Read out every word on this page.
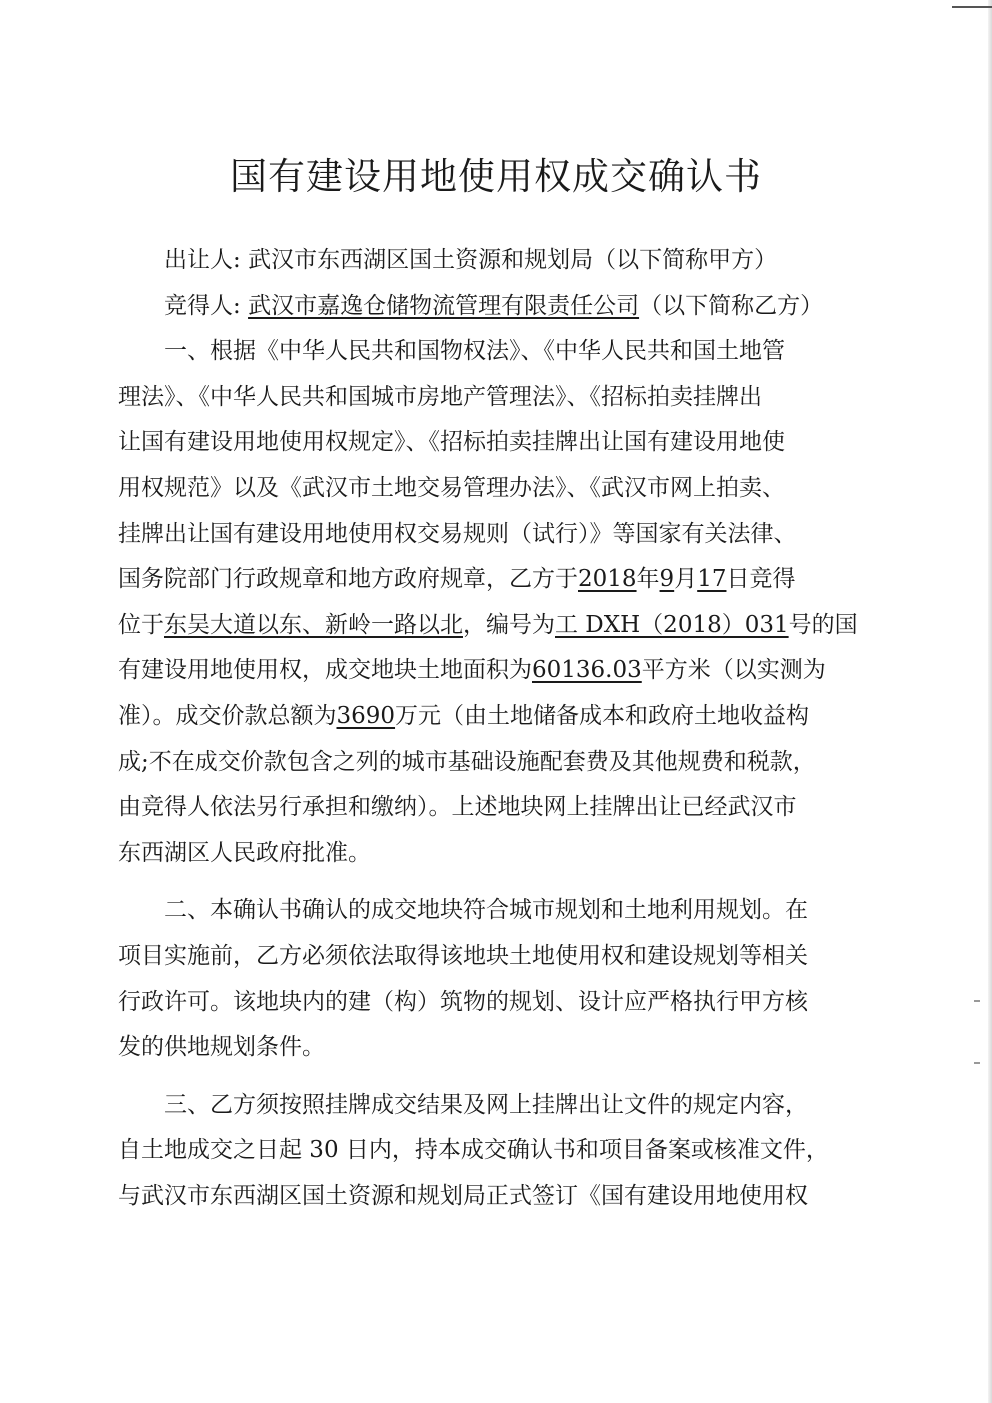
国有建设用地使用权成交确认书
出让人: 武汉市东西湖区国土资源和规划局（以下简称甲方）
竞得人: 武汉市嘉逸仓储物流管理有限责任公司（以下简称乙方）
一、根据《中华人民共和国物权法》、《中华人民共和国土地管
理法》、《中华人民共和国城市房地产管理法》、《招标拍卖挂牌出
让国有建设用地使用权规定》、《招标拍卖挂牌出让国有建设用地使
用权规范》以及《武汉市土地交易管理办法》、《武汉市网上拍卖、
挂牌出让国有建设用地使用权交易规则（试行）》等国家有关法律、
国务院部门行政规章和地方政府规章，乙方于2018年9月17日竞得
位于东吴大道以东、新岭一路以北，编号为工 DXH（2018）031号的国
有建设用地使用权，成交地块土地面积为60136.03平方米（以实测为
准）。成交价款总额为3690万元（由土地储备成本和政府土地收益构
成;不在成交价款包含之列的城市基础设施配套费及其他规费和税款，
由竞得人依法另行承担和缴纳）。上述地块网上挂牌出让已经武汉市
东西湖区人民政府批准。
二、本确认书确认的成交地块符合城市规划和土地利用规划。在
项目实施前，乙方必须依法取得该地块土地使用权和建设规划等相关
行政许可。该地块内的建（构）筑物的规划、设计应严格执行甲方核
发的供地规划条件。
三、乙方须按照挂牌成交结果及网上挂牌出让文件的规定内容，
自土地成交之日起 30 日内，持本成交确认书和项目备案或核准文件，
与武汉市东西湖区国土资源和规划局正式签订《国有建设用地使用权
